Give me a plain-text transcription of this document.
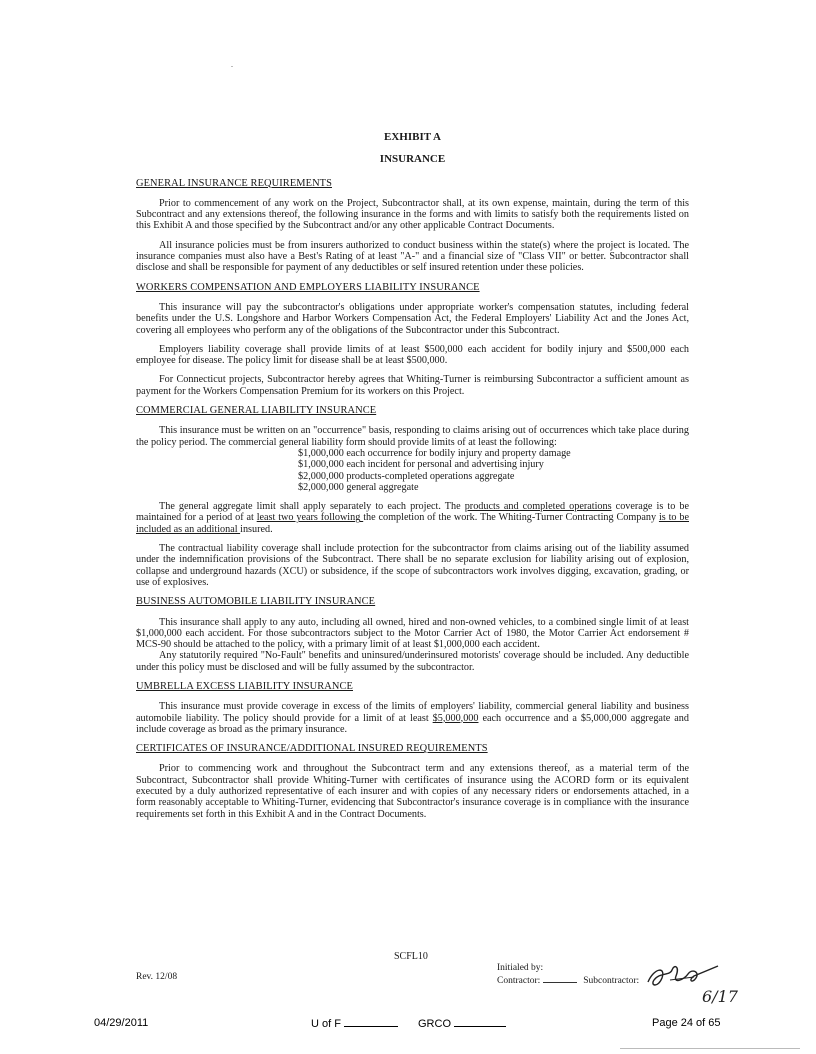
EXHIBIT A

INSURANCE

GENERAL INSURANCE REQUIREMENTS

Prior to commencement of any work on the Project, Subcontractor shall, at its own expense, maintain, during the term of this Subcontract and any extensions thereof, the following insurance in the forms and with limits to satisfy both the requirements listed on this Exhibit A and those specified by the Subcontract and/or any other applicable Contract Documents.

All insurance policies must be from insurers authorized to conduct business within the state(s) where the project is located. The insurance companies must also have a Best's Rating of at least "A-" and a financial size of "Class VII" or better. Subcontractor shall disclose and shall be responsible for payment of any deductibles or self insured retention under these policies.

WORKERS COMPENSATION AND EMPLOYERS LIABILITY INSURANCE

This insurance will pay the subcontractor's obligations under appropriate worker's compensation statutes, including federal benefits under the U.S. Longshore and Harbor Workers Compensation Act, the Federal Employers' Liability Act and the Jones Act, covering all employees who perform any of the obligations of the Subcontractor under this Subcontract.

Employers liability coverage shall provide limits of at least $500,000 each accident for bodily injury and $500,000 each employee for disease. The policy limit for disease shall be at least $500,000.

For Connecticut projects, Subcontractor hereby agrees that Whiting-Turner is reimbursing Subcontractor a sufficient amount as payment for the Workers Compensation Premium for its workers on this Project.

COMMERCIAL GENERAL LIABILITY INSURANCE

This insurance must be written on an "occurrence" basis, responding to claims arising out of occurrences which take place during the policy period. The commercial general liability form should provide limits of at least the following:

$1,000,000 each occurrence for bodily injury and property damage
$1,000,000 each incident for personal and advertising injury
$2,000,000 products-completed operations aggregate
$2,000,000 general aggregate

The general aggregate limit shall apply separately to each project. The products and completed operations coverage is to be maintained for a period of at least two years following the completion of the work. The Whiting-Turner Contracting Company is to be included as an additional insured.

The contractual liability coverage shall include protection for the subcontractor from claims arising out of the liability assumed under the indemnification provisions of the Subcontract. There shall be no separate exclusion for liability arising out of explosion, collapse and underground hazards (XCU) or subsidence, if the scope of subcontractors work involves digging, excavation, grading, or use of explosives.

BUSINESS AUTOMOBILE LIABILITY INSURANCE

This insurance shall apply to any auto, including all owned, hired and non-owned vehicles, to a combined single limit of at least $1,000,000 each accident. For those subcontractors subject to the Motor Carrier Act of 1980, the Motor Carrier Act endorsement # MCS-90 should be attached to the policy, with a primary limit of at least $1,000,000 each accident.

Any statutorily required "No-Fault" benefits and uninsured/underinsured motorists' coverage should be included. Any deductible under this policy must be disclosed and will be fully assumed by the subcontractor.

UMBRELLA EXCESS LIABILITY INSURANCE

This insurance must provide coverage in excess of the limits of employers' liability, commercial general liability and business automobile liability. The policy should provide for a limit of at least $5,000,000 each occurrence and a $5,000,000 aggregate and include coverage as broad as the primary insurance.

CERTIFICATES OF INSURANCE/ADDITIONAL INSURED REQUIREMENTS

Prior to commencing work and throughout the Subcontract term and any extensions thereof, as a material term of the Subcontract, Subcontractor shall provide Whiting-Turner with certificates of insurance using the ACORD form or its equivalent executed by a duly authorized representative of each insurer and with copies of any necessary riders or endorsements attached, in a form reasonably acceptable to Whiting-Turner, evidencing that Subcontractor's insurance coverage is in compliance with the insurance requirements set forth in this Exhibit A and in the Contract Documents.

SCFL10
Rev. 12/08
Initialed by:
Contractor:	Subcontractor:
6/17
04/29/2011	U of F	GRCO	Page 24 of 65
